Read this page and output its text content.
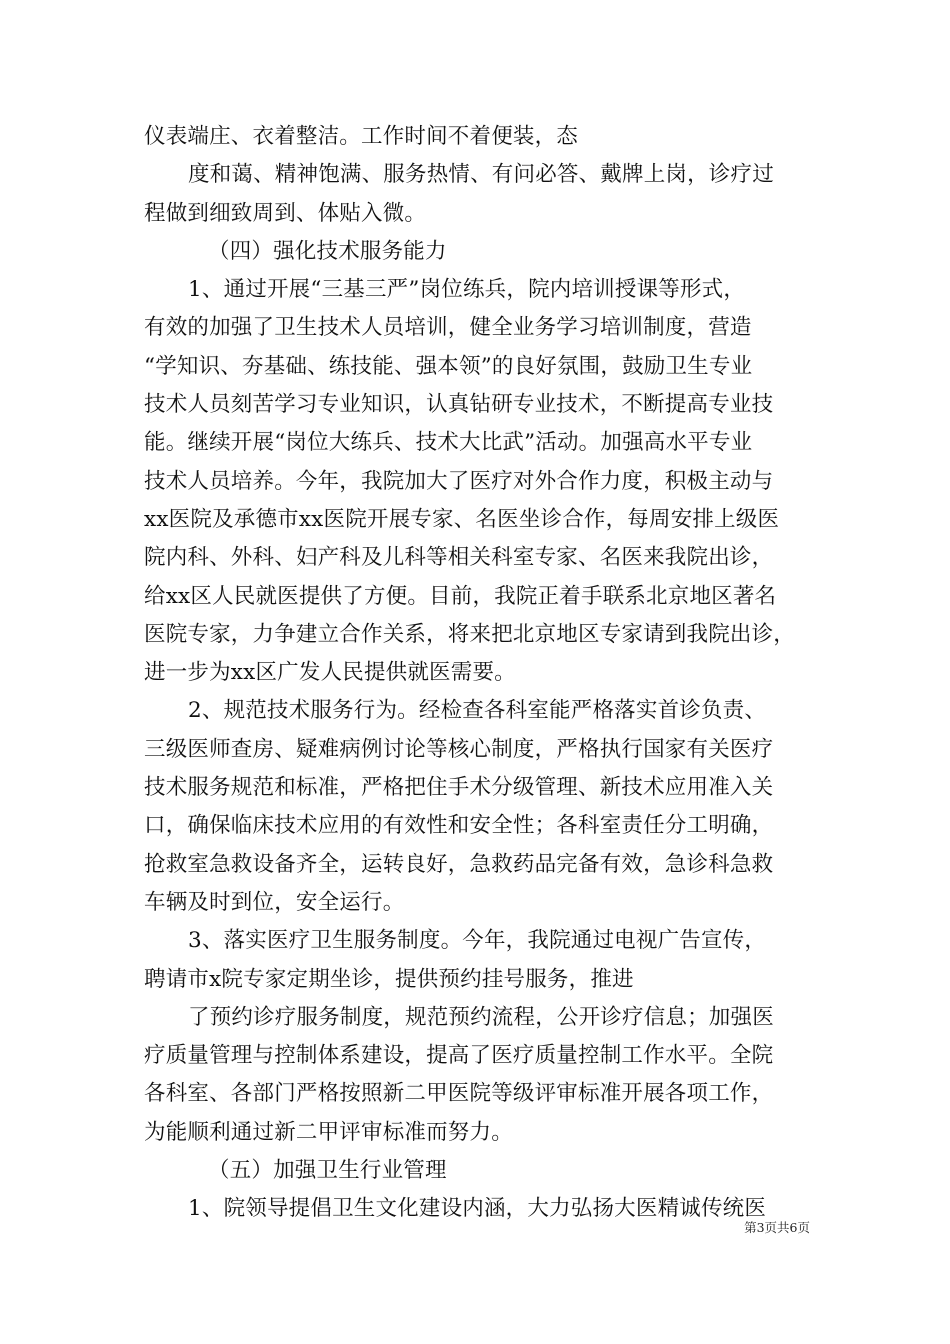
仪表端庄、衣着整洁。工作时间不着便装，态
度和蔼、精神饱满、服务热情、有问必答、戴牌上岗，诊疗过
程做到细致周到、体贴入微。
（四）强化技术服务能力
1、通过开展“三基三严”岗位练兵，院内培训授课等形式，
有效的加强了卫生技术人员培训，健全业务学习培训制度，营造
“学知识、夯基础、练技能、强本领”的良好氛围，鼓励卫生专业
技术人员刻苦学习专业知识，认真钻研专业技术，不断提高专业技
能。继续开展“岗位大练兵、技术大比武”活动。加强高水平专业
技术人员培养。今年，我院加大了医疗对外合作力度，积极主动与
xx医院及承德市xx医院开展专家、名医坐诊合作，每周安排上级医
院内科、外科、妇产科及儿科等相关科室专家、名医来我院出诊，
给xx区人民就医提供了方便。目前，我院正着手联系北京地区著名
医院专家，力争建立合作关系，将来把北京地区专家请到我院出诊，
进一步为xx区广发人民提供就医需要。
2、规范技术服务行为。经检查各科室能严格落实首诊负责、
三级医师查房、疑难病例讨论等核心制度，严格执行国家有关医疗
技术服务规范和标准，严格把住手术分级管理、新技术应用准入关
口，确保临床技术应用的有效性和安全性；各科室责任分工明确，
抢救室急救设备齐全，运转良好，急救药品完备有效，急诊科急救
车辆及时到位，安全运行。
3、落实医疗卫生服务制度。今年，我院通过电视广告宣传，
聘请市x院专家定期坐诊，提供预约挂号服务，推进
了预约诊疗服务制度，规范预约流程，公开诊疗信息；加强医
疗质量管理与控制体系建设，提高了医疗质量控制工作水平。全院
各科室、各部门严格按照新二甲医院等级评审标准开展各项工作，
为能顺利通过新二甲评审标准而努力。
（五）加强卫生行业管理
1、院领导提倡卫生文化建设内涵，大力弘扬大医精诚传统医
第3页共6页
